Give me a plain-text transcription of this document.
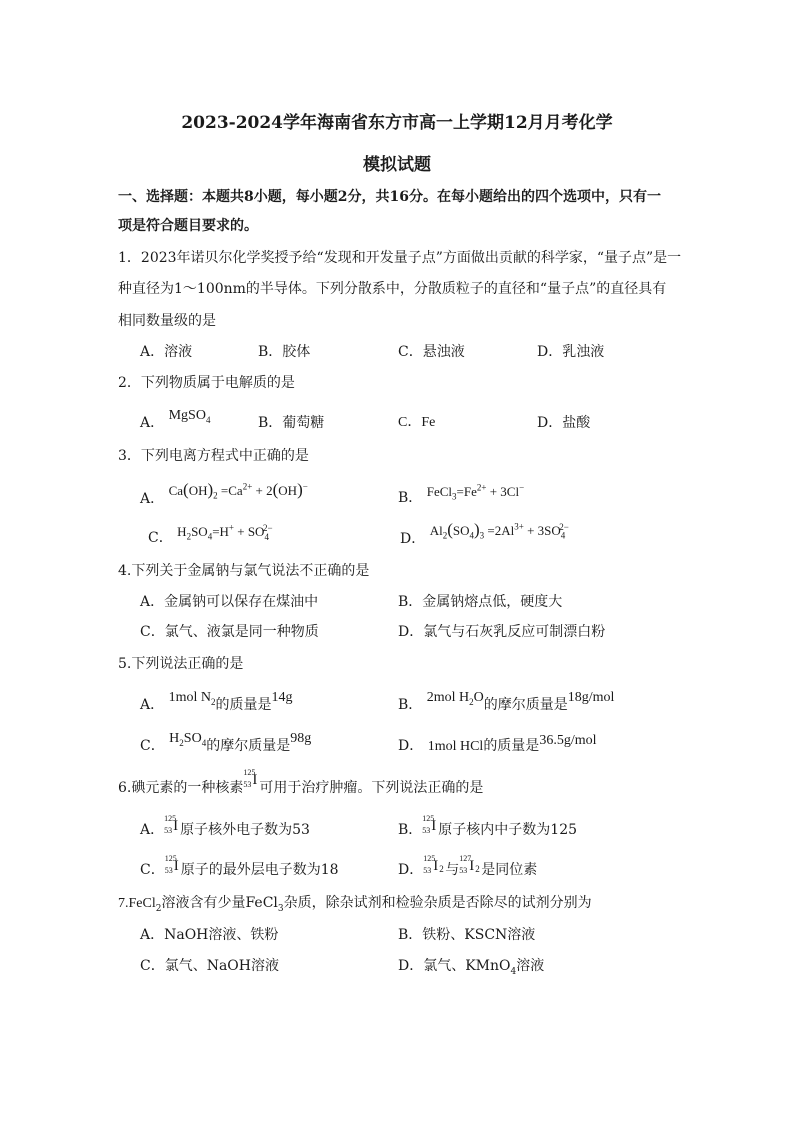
2023-2024学年海南省东方市高一上学期12月月考化学
模拟试题
一、选择题：本题共8小题，每小题2分，共16分。在每小题给出的四个选项中，只有一
项是符合题目要求的。
1．2023年诺贝尔化学奖授予给“发现和开发量子点”方面做出贡献的科学家，“量子点”是一
种直径为1～100nm的半导体。下列分散系中，分散质粒子的直径和“量子点”的直径具有
相同数量级的是
A．溶液	B．胶体	C．悬浊液	D．乳浊液
2．下列物质属于电解质的是
A． MgSO$_4$	B．葡萄糖	C．Fe	D．盐酸
3．下列电离方程式中正确的是
A． $Ca(OH)_2 =Ca^{2+} + 2(OH)^-$
B． $FeCl_3=Fe^{2+} + 3Cl^-$
C． $H_2SO_4=H^+ + SO_4^{2-}$
D． $Al_2(SO_4)_3 =2Al^{3+} + 3SO_4^{2-}$
4.下列关于金属钠与氯气说法不正确的是
A．金属钠可以保存在煤油中	B．金属钠熔点低，硬度大
C．氯气、液氯是同一种物质	D．氯气与石灰乳反应可制漂白粉
5.下列说法正确的是
A． 1mol $N_2$的质量是14g	B． 2mol $H_2O$的摩尔质量是18g/mol
C． $H_2SO_4$的摩尔质量是98g	D． 1mol HCl的质量是36.5g/mol
6.碘元素的一种核素
125
53 I 可用于治疗肿瘤。下列说法正确的是
A．
125
53 I 原子核外电子数为53	B．
125
53 I 原子核内中子数为125
C．
125
53 I 原子的最外层电子数为18	D．
125
53 I 2 与
127
53 I 2 是同位素
7.FeCl$_2$溶液含有少量FeCl$_3$杂质，除杂试剂和检验杂质是否除尽的试剂分别为
A．NaOH溶液、铁粉	B．铁粉、KSCN溶液
C．氯气、NaOH溶液	D．氯气、KMnO$_4$溶液
